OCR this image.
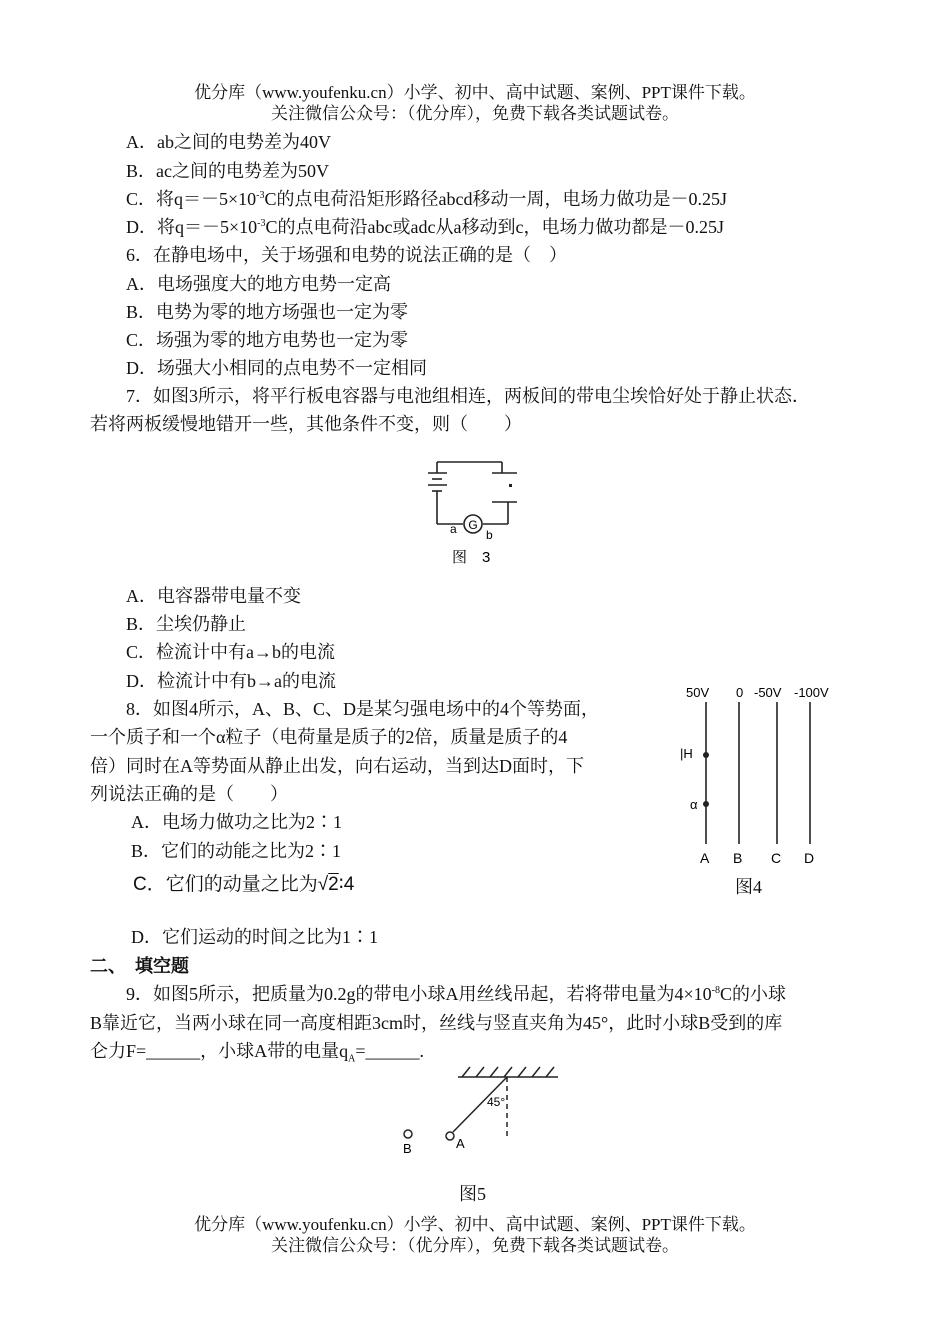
优分库（www.youfenku.cn）小学、初中、高中试题、案例、PPT课件下载。
关注微信公众号：（优分库），免费下载各类试题试卷。
A．ab之间的电势差为40V
B．ac之间的电势差为50V
C．将$q=-5\times 10^{-3}C$的点电荷沿矩形路径abcd移动一周，电场力做功是－0.25J
D．将$q=-5\times 10^{-3}C$的点电荷沿abc或adc从a移动到c，电场力做功都是－0.25J
6．在静电场中，关于场强和电势的说法正确的是（　）
A．电场强度大的地方电势一定高
B．电势为零的地方场强也一定为零
C．场强为零的地方电势也一定为零
D．场强大小相同的点电势不一定相同
7．如图3所示，将平行板电容器与电池组相连，两板间的带电尘埃恰好处于静止状态．
若将两板缓慢地错开一些，其他条件不变，则（　　）
G
a b
图　3
A．电容器带电量不变
B．尘埃仍静止
C．检流计中有a→b的电流
D．检流计中有b→a的电流
8．如图4所示，A、B、C、D是某匀强电场中的4个等势面，
一个质子和一个α粒子（电荷量是质子的2倍，质量是质子的4
倍）同时在A等势面从静止出发，向右运动，当到达D面时，下
列说法正确的是（　　）
A．电场力做功之比为2∶1
B．它们的动能之比为2∶1
C．它们的动量之比为√2∶4
D．它们运动的时间之比为1∶1
50V 0 -50V -100V
|H
α
A B C D
图4
二、　填空题
9．如图5所示，把质量为0.2g的带电小球A用丝线吊起，若将带电量为$4\times 10^{-8}C$的小球
B靠近它，当两小球在同一高度相距3cm时，丝线与竖直夹角为45°，此时小球B受到的库
仑力F=______，小球A带的电量$q_A=\_\_\_\_\_\_$.
45°
A
B
图5
优分库（www.youfenku.cn）小学、初中、高中试题、案例、PPT课件下载。
关注微信公众号：（优分库），免费下载各类试题试卷。
